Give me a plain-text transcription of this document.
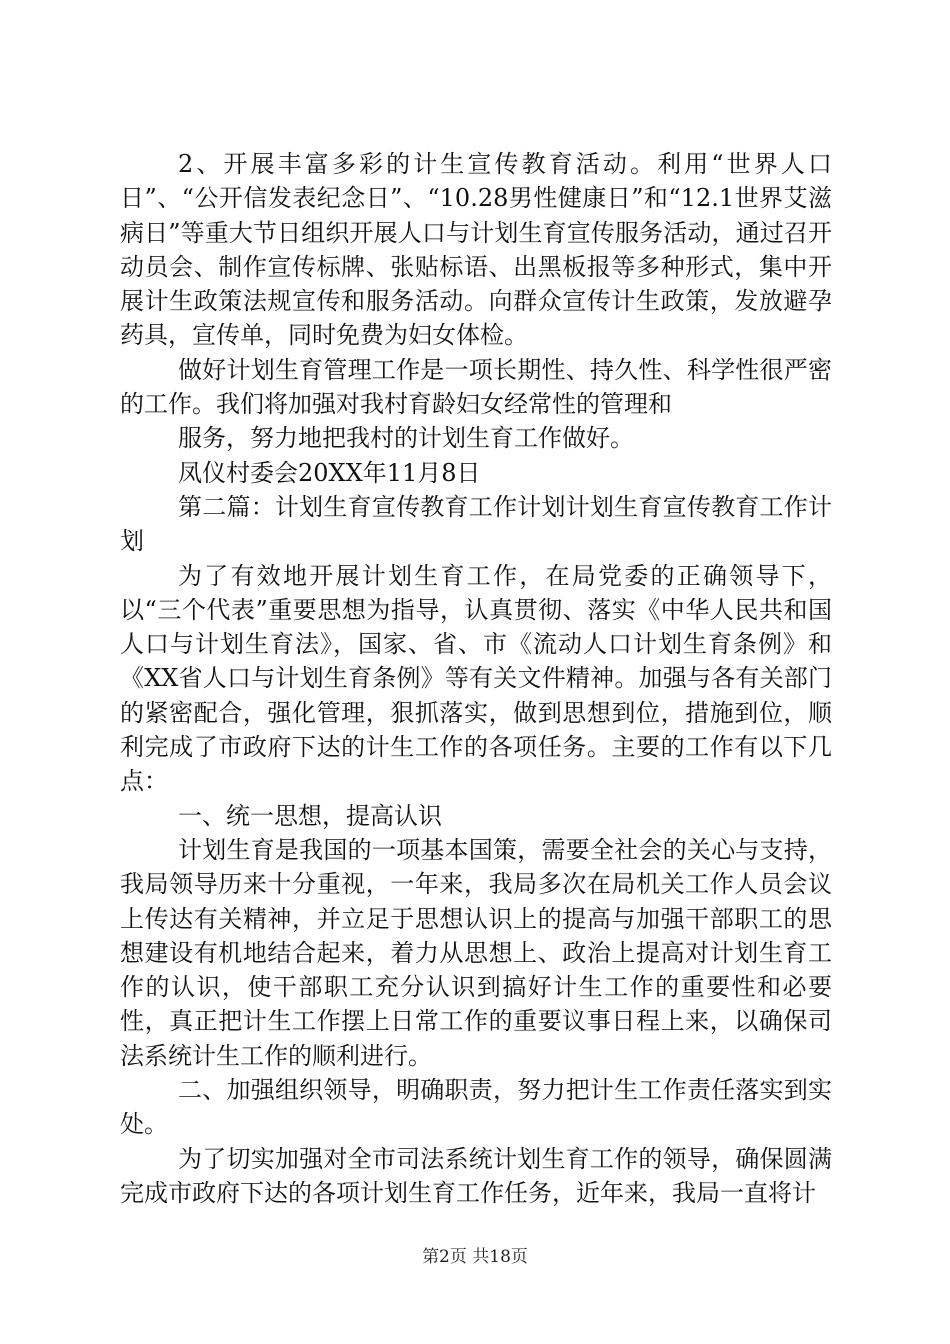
2、开展丰富多彩的计生宣传教育活动。利用“世界人口日”、“公开信发表纪念日”、“10.28男性健康日”和“12.1世界艾滋病日”等重大节日组织开展人口与计划生育宣传服务活动，通过召开动员会、制作宣传标牌、张贴标语、出黑板报等多种形式，集中开展计生政策法规宣传和服务活动。向群众宣传计生政策，发放避孕药具，宣传单，同时免费为妇女体检。

做好计划生育管理工作是一项长期性、持久性、科学性很严密的工作。我们将加强对我村育龄妇女经常性的管理和

服务，努力地把我村的计划生育工作做好。

凤仪村委会20XX年11月8日

第二篇：计划生育宣传教育工作计划计划生育宣传教育工作计划

为了有效地开展计划生育工作，在局党委的正确领导下，以“三个代表”重要思想为指导，认真贯彻、落实《中华人民共和国人口与计划生育法》，国家、省、市《流动人口计划生育条例》和《XX省人口与计划生育条例》等有关文件精神。加强与各有关部门的紧密配合，强化管理，狠抓落实，做到思想到位，措施到位，顺利完成了市政府下达的计生工作的各项任务。主要的工作有以下几点：

一、统一思想，提高认识

计划生育是我国的一项基本国策，需要全社会的关心与支持，我局领导历来十分重视，一年来，我局多次在局机关工作人员会议上传达有关精神，并立足于思想认识上的提高与加强干部职工的思想建设有机地结合起来，着力从思想上、政治上提高对计划生育工作的认识，使干部职工充分认识到搞好计生工作的重要性和必要性，真正把计生工作摆上日常工作的重要议事日程上来，以确保司法系统计生工作的顺利进行。

二、加强组织领导，明确职责，努力把计生工作责任落实到实处。

为了切实加强对全市司法系统计划生育工作的领导，确保圆满完成市政府下达的各项计划生育工作任务，近年来，我局一直将计

第2页 共18页
